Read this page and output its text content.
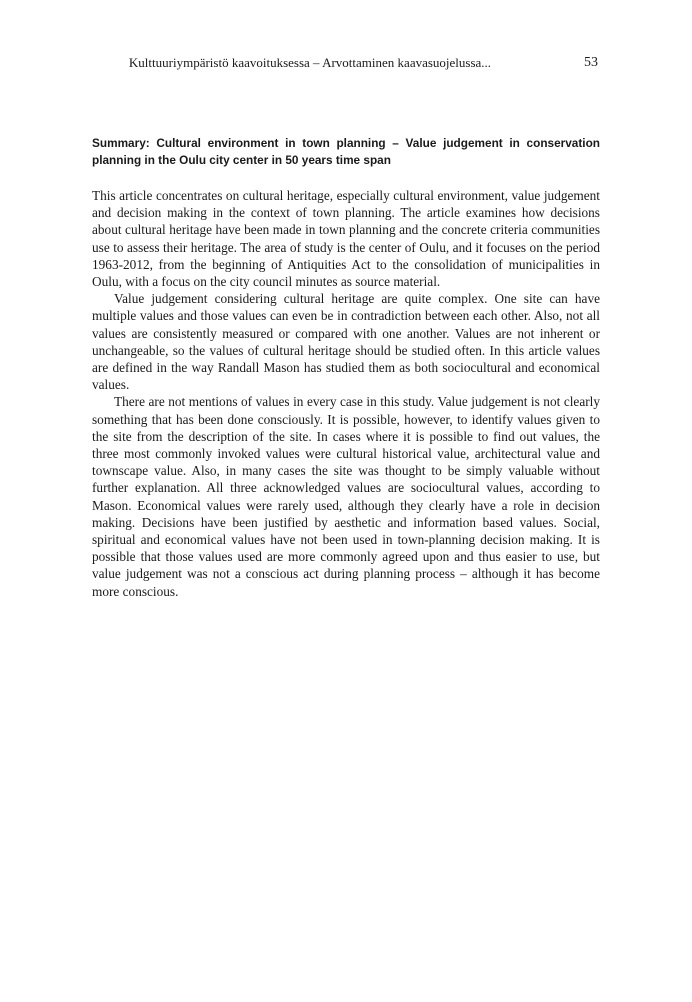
Kulttuuriympäristö kaavoituksessa – Arvottaminen kaavasuojelussa...	53
Summary: Cultural environment in town planning – Value judgement in conservation planning in the Oulu city center in 50 years time span

This article concentrates on cultural heritage, especially cultural environment, value judgement and decision making in the context of town planning. The article examines how decisions about cultural heritage have been made in town planning and the concrete criteria communities use to assess their heritage. The area of study is the center of Oulu, and it focuses on the period 1963-2012, from the beginning of Antiquities Act to the consolidation of municipalities in Oulu, with a focus on the city council minutes as source material.

Value judgement considering cultural heritage are quite complex. One site can have multiple values and those values can even be in contradiction between each other. Also, not all values are consistently measured or compared with one another. Values are not inherent or unchangeable, so the values of cultural heritage should be studied often. In this article values are defined in the way Randall Mason has studied them as both sociocultural and economical values.

There are not mentions of values in every case in this study. Value judgement is not clearly something that has been done consciously. It is possible, however, to identify values given to the site from the description of the site. In cases where it is possible to find out values, the three most commonly invoked values were cultural historical value, architectural value and townscape value. Also, in many cases the site was thought to be simply valuable without further explanation. All three acknowledged values are sociocultural values, according to Mason. Economical values were rarely used, although they clearly have a role in decision making. Decisions have been justified by aesthetic and information based values. Social, spiritual and economical values have not been used in town-planning decision making. It is possible that those values used are more commonly agreed upon and thus easier to use, but value judgement was not a conscious act during planning process – although it has become more conscious.
